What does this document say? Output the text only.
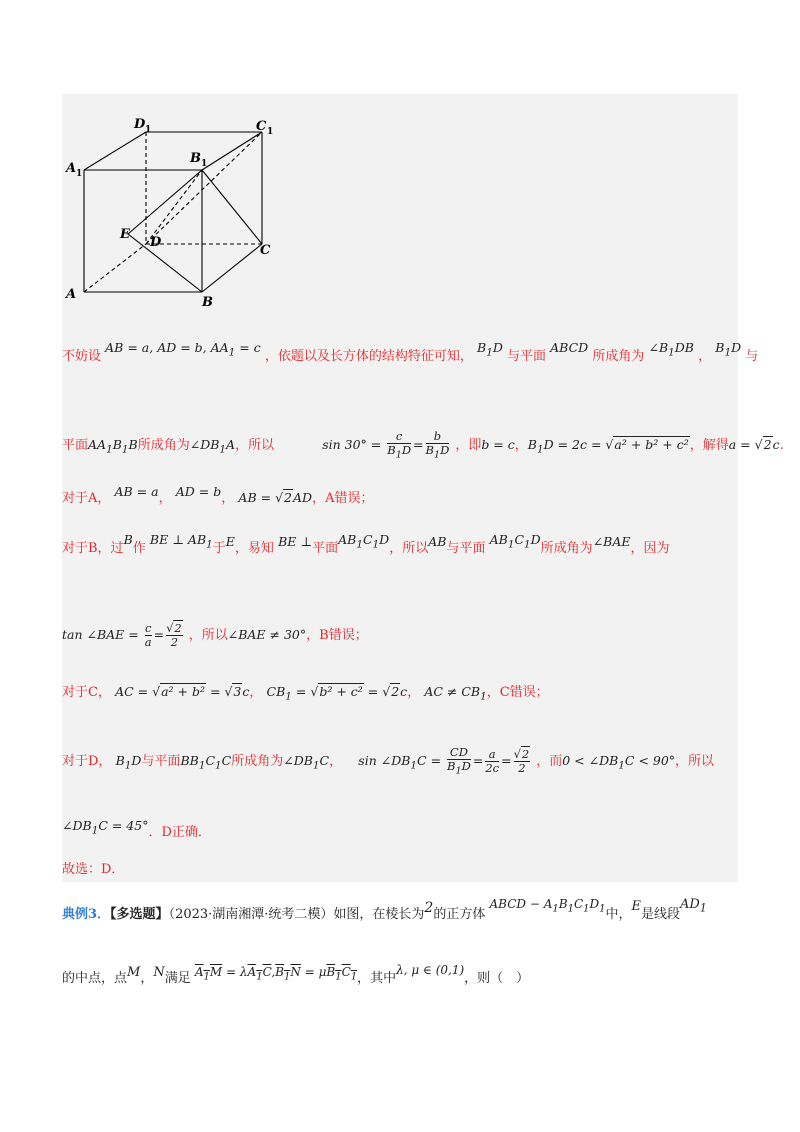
A
B
C
D
E
A
B
C
D
1
1
1
1
不妨设 AB = a, AD = b, $AA_1 = c$ ，依题以及长方体的结构特征可知， $B_1D$ 与平面 ABCD 所成角为 $\angle B_1DB$ ， $B_1D$ 与
平面$AA_1B_1B$所成角为$\angle DB_1A$，所以	$\sin 30^\circ = \frac{c}{B_1D} = \frac{b}{B_1D}$ ，即b = c，$B_1D = 2c = √a^2 + b^2 + c^2$，解得a = √2c.
对于A， AB = a， AD = b， AB = √2AD，A错误；
对于B，过B作 BE ⊥ $AB_1$于E，易知 BE ⊥平面$AB_1C_1D$，所以AB与平面 $AB_1C_1D$所成角为∠BAE，因为
tan ∠BAE = $\frac{c}{a} = \frac{√2}{2}$ ，所以∠BAE ≠ 30°，B错误；
对于C， AC = √a² + b² = √3c， $CB_1 = √b^2 + c^2 = √2c$， AC ≠ $CB_1$，C错误；
对于D， $B_1D$与平面$BB_1C_1C$所成角为$\angle DB_1C$， $\sin \angle DB_1C = \frac{CD}{B_1D} = \frac{a}{2c} = \frac{√2}{2}$ ，而$0 < \angle DB_1C < 90^\circ$，所以
$\angle DB_1C = 45^\circ$．D正确．
故选：D．
典例3．【多选题】（2023·湖南湘潭·统考二模）如图，在棱长为2的正方体 ABCD − $A_1B_1C_1D_1$中，E是线段$AD_1$
的中点，点M，N满足 $A_1M = \lambda A_1C,B_1N = \mu B_1C_1$，其中λ, μ ∈ (0,1)，则（　）
